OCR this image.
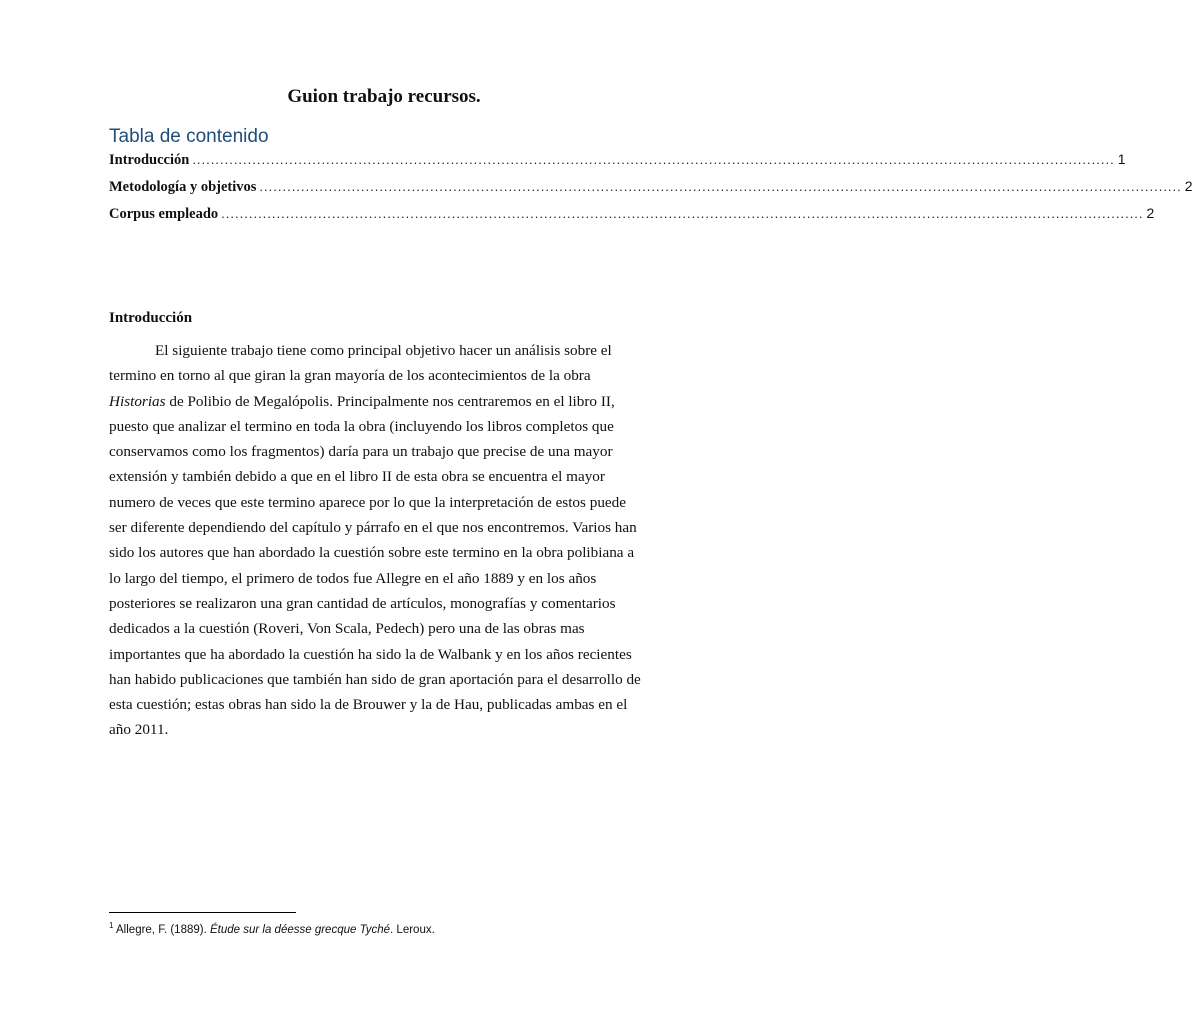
Guion trabajo recursos.
Tabla de contenido
Introducción ........................................................................................................................................................................................................ 1
Metodología y objetivos ........................................................................................................................................................................................................ 2
Corpus empleado ........................................................................................................................................................................................................ 2
Introducción

El siguiente trabajo tiene como principal objetivo hacer un análisis sobre el
termino en torno al que giran la gran mayoría de los acontecimientos de la obra
Historias de Polibio de Megalópolis. Principalmente nos centraremos en el libro II,
puesto que analizar el termino en toda la obra (incluyendo los libros completos que
conservamos como los fragmentos) daría para un trabajo que precise de una mayor
extensión y también debido a que en el libro II de esta obra se encuentra el mayor
numero de veces que este termino aparece por lo que la interpretación de estos puede
ser diferente dependiendo del capítulo y párrafo en el que nos encontremos. Varios han
sido los autores que han abordado la cuestión sobre este termino en la obra polibiana a
lo largo del tiempo, el primero de todos fue Allegre en el año 1889 y en los años
posteriores se realizaron una gran cantidad de artículos, monografías y comentarios
dedicados a la cuestión (Roveri, Von Scala, Pedech) pero una de las obras mas
importantes que ha abordado la cuestión ha sido la de Walbank y en los años recientes
han habido publicaciones que también han sido de gran aportación para el desarrollo de
esta cuestión; estas obras han sido la de Brouwer y la de Hau, publicadas ambas en el
año 2011.

$^1$ Allegre, F. (1889). Étude sur la déesse grecque Tyché. Leroux.
